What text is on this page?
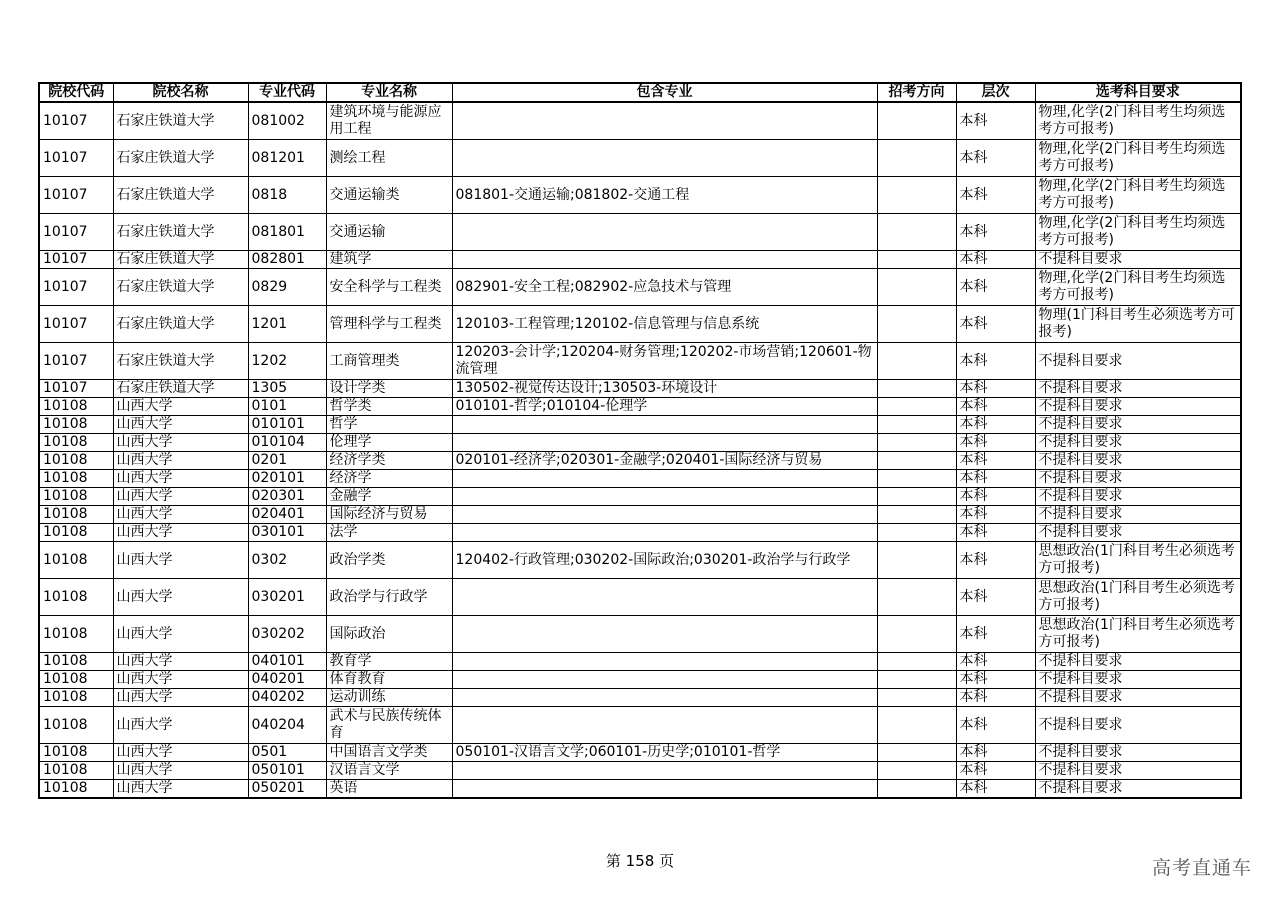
院校代码	院校名称	专业代码	专业名称	包含专业	招考方向	层次	选考科目要求
10107	石家庄铁道大学	081002	建筑环境与能源应用工程			本科	物理,化学(2门科目考生均须选考方可报考)
10107	石家庄铁道大学	081201	测绘工程			本科	物理,化学(2门科目考生均须选考方可报考)
10107	石家庄铁道大学	0818	交通运输类	081801-交通运输;081802-交通工程		本科	物理,化学(2门科目考生均须选考方可报考)
10107	石家庄铁道大学	081801	交通运输			本科	物理,化学(2门科目考生均须选考方可报考)
10107	石家庄铁道大学	082801	建筑学			本科	不提科目要求
10107	石家庄铁道大学	0829	安全科学与工程类	082901-安全工程;082902-应急技术与管理		本科	物理,化学(2门科目考生均须选考方可报考)
10107	石家庄铁道大学	1201	管理科学与工程类	120103-工程管理;120102-信息管理与信息系统		本科	物理(1门科目考生必须选考方可报考)
10107	石家庄铁道大学	1202	工商管理类	120203-会计学;120204-财务管理;120202-市场营销;120601-物流管理		本科	不提科目要求
10107	石家庄铁道大学	1305	设计学类	130502-视觉传达设计;130503-环境设计		本科	不提科目要求
10108	山西大学	0101	哲学类	010101-哲学;010104-伦理学		本科	不提科目要求
10108	山西大学	010101	哲学			本科	不提科目要求
10108	山西大学	010104	伦理学			本科	不提科目要求
10108	山西大学	0201	经济学类	020101-经济学;020301-金融学;020401-国际经济与贸易		本科	不提科目要求
10108	山西大学	020101	经济学			本科	不提科目要求
10108	山西大学	020301	金融学			本科	不提科目要求
10108	山西大学	020401	国际经济与贸易			本科	不提科目要求
10108	山西大学	030101	法学			本科	不提科目要求
10108	山西大学	0302	政治学类	120402-行政管理;030202-国际政治;030201-政治学与行政学		本科	思想政治(1门科目考生必须选考方可报考)
10108	山西大学	030201	政治学与行政学			本科	思想政治(1门科目考生必须选考方可报考)
10108	山西大学	030202	国际政治			本科	思想政治(1门科目考生必须选考方可报考)
10108	山西大学	040101	教育学			本科	不提科目要求
10108	山西大学	040201	体育教育			本科	不提科目要求
10108	山西大学	040202	运动训练			本科	不提科目要求
10108	山西大学	040204	武术与民族传统体育			本科	不提科目要求
10108	山西大学	0501	中国语言文学类	050101-汉语言文学;060101-历史学;010101-哲学		本科	不提科目要求
10108	山西大学	050101	汉语言文学			本科	不提科目要求
10108	山西大学	050201	英语			本科	不提科目要求
第 158 页	高考直通车
